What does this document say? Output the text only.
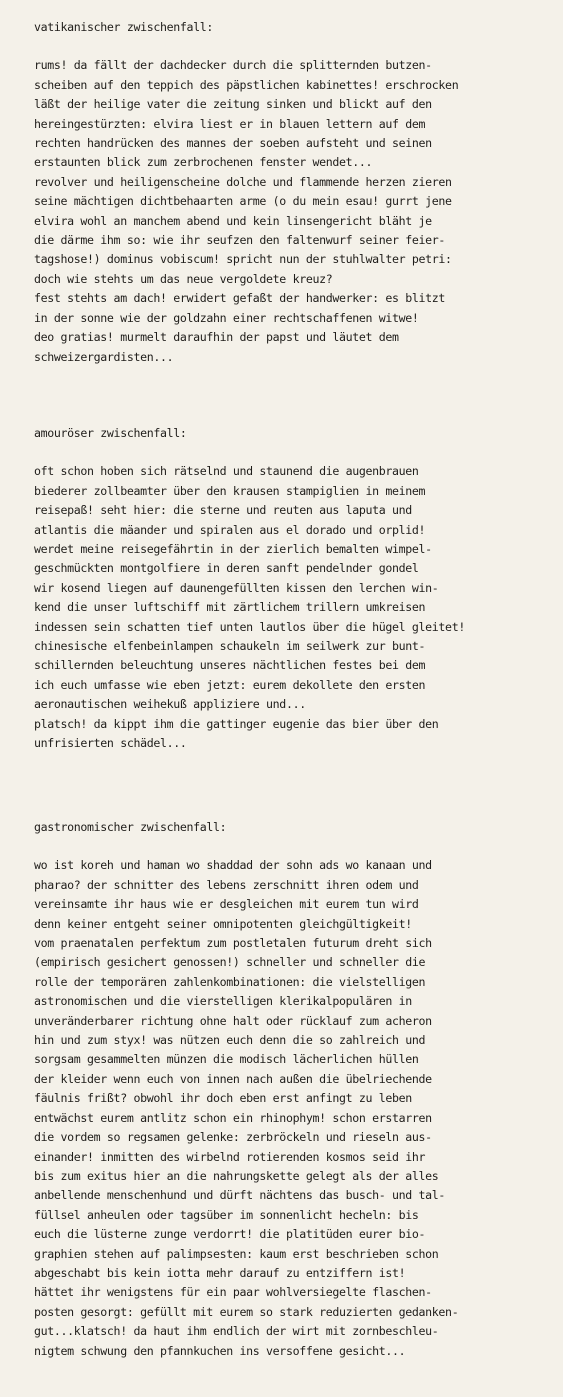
vatikanischer zwischenfall:
rums! da fällt der dachdecker durch die splitternden butzen-
scheiben auf den teppich des päpstlichen kabinettes! erschrocken
läßt der heilige vater die zeitung sinken und blickt auf den
hereingestürzten: elvira liest er in blauen lettern auf dem
rechten handrücken des mannes der soeben aufsteht und seinen
erstaunten blick zum zerbrochenen fenster wendet...
revolver und heiligenscheine dolche und flammende herzen zieren
seine mächtigen dichtbehaarten arme (o du mein esau! gurrt jene
elvira wohl an manchem abend und kein linsengericht bläht je
die därme ihm so: wie ihr seufzen den faltenwurf seiner feier-
tagshose!) dominus vobiscum! spricht nun der stuhlwalter petri:
doch wie stehts um das neue vergoldete kreuz?
fest stehts am dach! erwidert gefaßt der handwerker: es blitzt
in der sonne wie der goldzahn einer rechtschaffenen witwe!
deo gratias! murmelt daraufhin der papst und läutet dem
schweizergardisten...
amouröser zwischenfall:
oft schon hoben sich rätselnd und staunend die augenbrauen
biederer zollbeamter über den krausen stampiglien in meinem
reisepaß! seht hier: die sterne und reuten aus laputa und
atlantis die mäander und spiralen aus el dorado und orplid!
werdet meine reisegefährtin in der zierlich bemalten wimpel-
geschmückten montgolfiere in deren sanft pendelnder gondel
wir kosend liegen auf daunengefüllten kissen den lerchen win-
kend die unser luftschiff mit zärtlichem trillern umkreisen
indessen sein schatten tief unten lautlos über die hügel gleitet!
chinesische elfenbeinlampen schaukeln im seilwerk zur bunt-
schillernden beleuchtung unseres nächtlichen festes bei dem
ich euch umfasse wie eben jetzt: eurem dekollete den ersten
aeronautischen weihekuß appliziere und...
platsch! da kippt ihm die gattinger eugenie das bier über den
unfrisierten schädel...
gastronomischer zwischenfall:
wo ist koreh und haman wo shaddad der sohn ads wo kanaan und
pharao? der schnitter des lebens zerschnitt ihren odem und
vereinsamte ihr haus wie er desgleichen mit eurem tun wird
denn keiner entgeht seiner omnipotenten gleichgültigkeit!
vom praenatalen perfektum zum postletalen futurum dreht sich
(empirisch gesichert genossen!) schneller und schneller die
rolle der temporären zahlenkombinationen: die vielstelligen
astronomischen und die vierstelligen klerikalpopulären in
unveränderbarer richtung ohne halt oder rücklauf zum acheron
hin und zum styx! was nützen euch denn die so zahlreich und
sorgsam gesammelten münzen die modisch lächerlichen hüllen
der kleider wenn euch von innen nach außen die übelriechende
fäulnis frißt? obwohl ihr doch eben erst anfingt zu leben
entwächst eurem antlitz schon ein rhinophym! schon erstarren
die vordem so regsamen gelenke: zerbröckeln und rieseln aus-
einander! inmitten des wirbelnd rotierenden kosmos seid ihr
bis zum exitus hier an die nahrungskette gelegt als der alles
anbellende menschenhund und dürft nächtens das busch- und tal-
füllsel anheulen oder tagsüber im sonnenlicht hecheln: bis
euch die lüsterne zunge verdorrt! die platitüden eurer bio-
graphien stehen auf palimpsesten: kaum erst beschrieben schon
abgeschabt bis kein iotta mehr darauf zu entziffern ist!
hättet ihr wenigstens für ein paar wohlversiegelte flaschen-
posten gesorgt: gefüllt mit eurem so stark reduzierten gedanken-
gut...klatsch! da haut ihm endlich der wirt mit zornbeschleu-
nigtem schwung den pfannkuchen ins versoffene gesicht...
